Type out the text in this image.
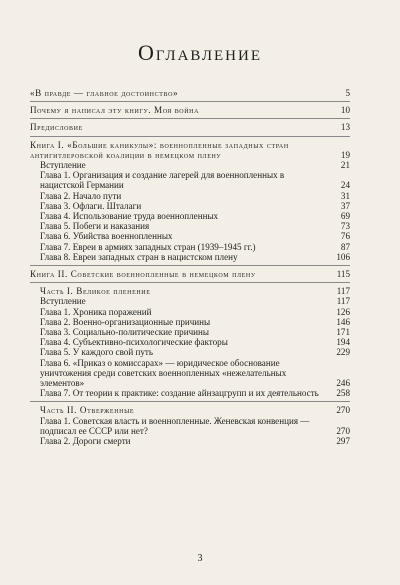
Оглавление
«В правде — главное достоинство»	5
Почему я написал эту книгу. Моя война	10
Предисловие	13
Книга I. «Большие каникулы»: военнопленные западных стран антигитлеровской коалиции в немецком плену	19
Вступление	21
Глава 1. Организация и создание лагерей для военнопленных в нацистской Германии	24
Глава 2. Начало пути	31
Глава 3. Офлаги. Шталаги	37
Глава 4. Использование труда военнопленных	69
Глава 5. Побеги и наказания	73
Глава 6. Убийства военнопленных	76
Глава 7. Евреи в армиях западных стран (1939–1945 гг.)	87
Глава 8. Евреи западных стран в нацистском плену	106
Книга II. Советские военнопленные в немецком плену	115
Часть I. Великое пленение	117
Вступление	117
Глава 1. Хроника поражений	126
Глава 2. Военно-организационные причины	146
Глава 3. Социально-политические причины	171
Глава 4. Субъективно-психологические факторы	194
Глава 5. У каждого свой путь	229
Глава 6. «Приказ о комиссарах» — юридическое обоснование уничтожения среди советских военнопленных «нежелательных элементов»	246
Глава 7. От теории к практике: создание айнзацгрупп и их деятельность	258
Часть II. Отверженные	270
Глава 1. Советская власть и военнопленные. Женевская конвенция — подписал ее СССР или нет?	270
Глава 2. Дороги смерти	297
3
